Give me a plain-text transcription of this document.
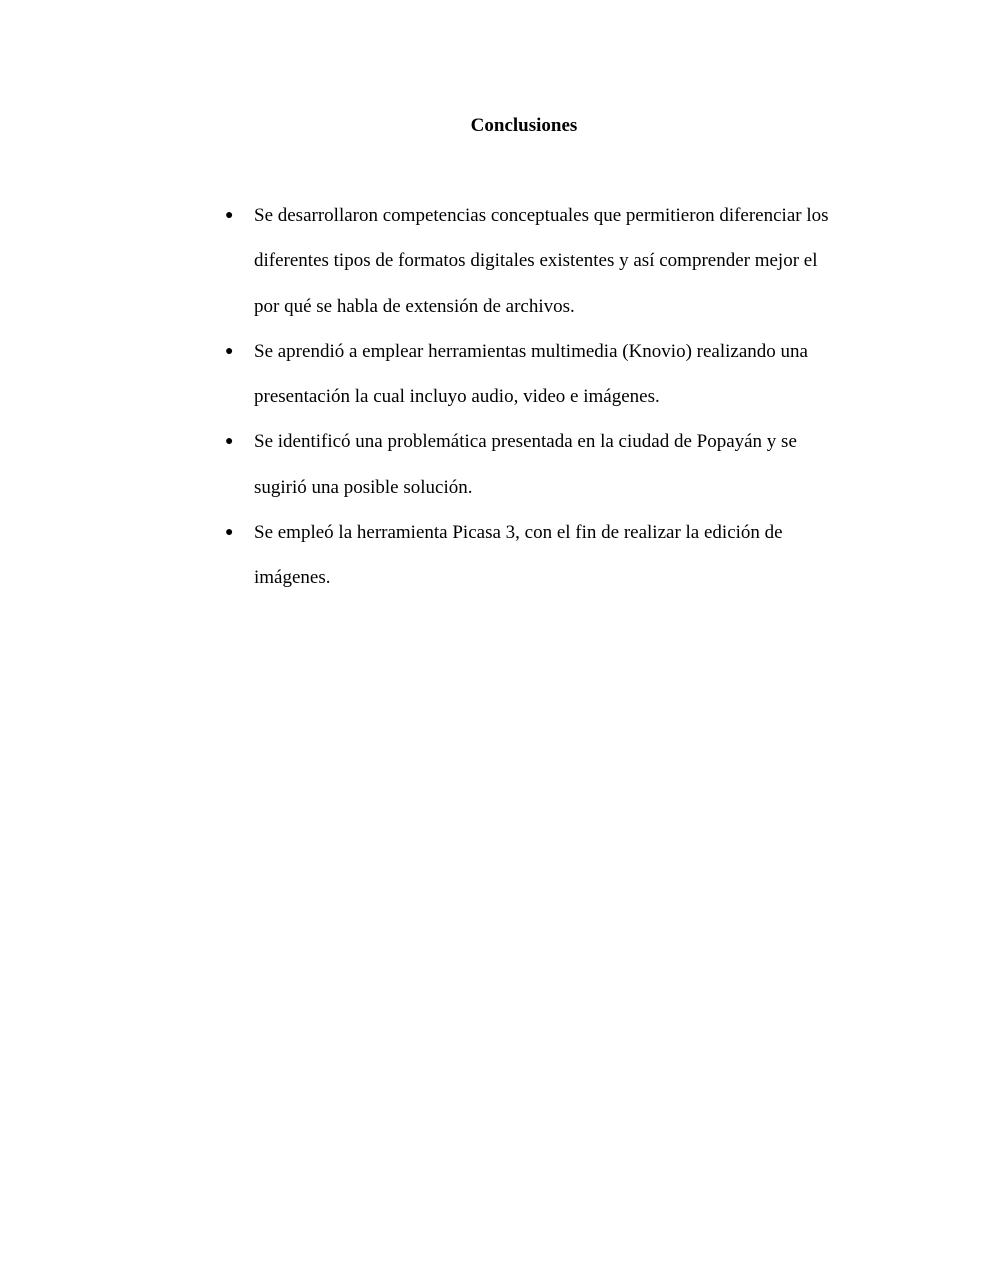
Conclusiones
● Se desarrollaron competencias conceptuales que permitieron diferenciar los
diferentes tipos de formatos digitales existentes y así comprender mejor el
por qué se habla de extensión de archivos.
● Se aprendió a emplear herramientas multimedia (Knovio) realizando una
presentación la cual incluyo audio, video e imágenes.
● Se identificó una problemática presentada en la ciudad de Popayán y se
sugirió una posible solución.
● Se empleó la herramienta Picasa 3, con el fin de realizar la edición de
imágenes.
